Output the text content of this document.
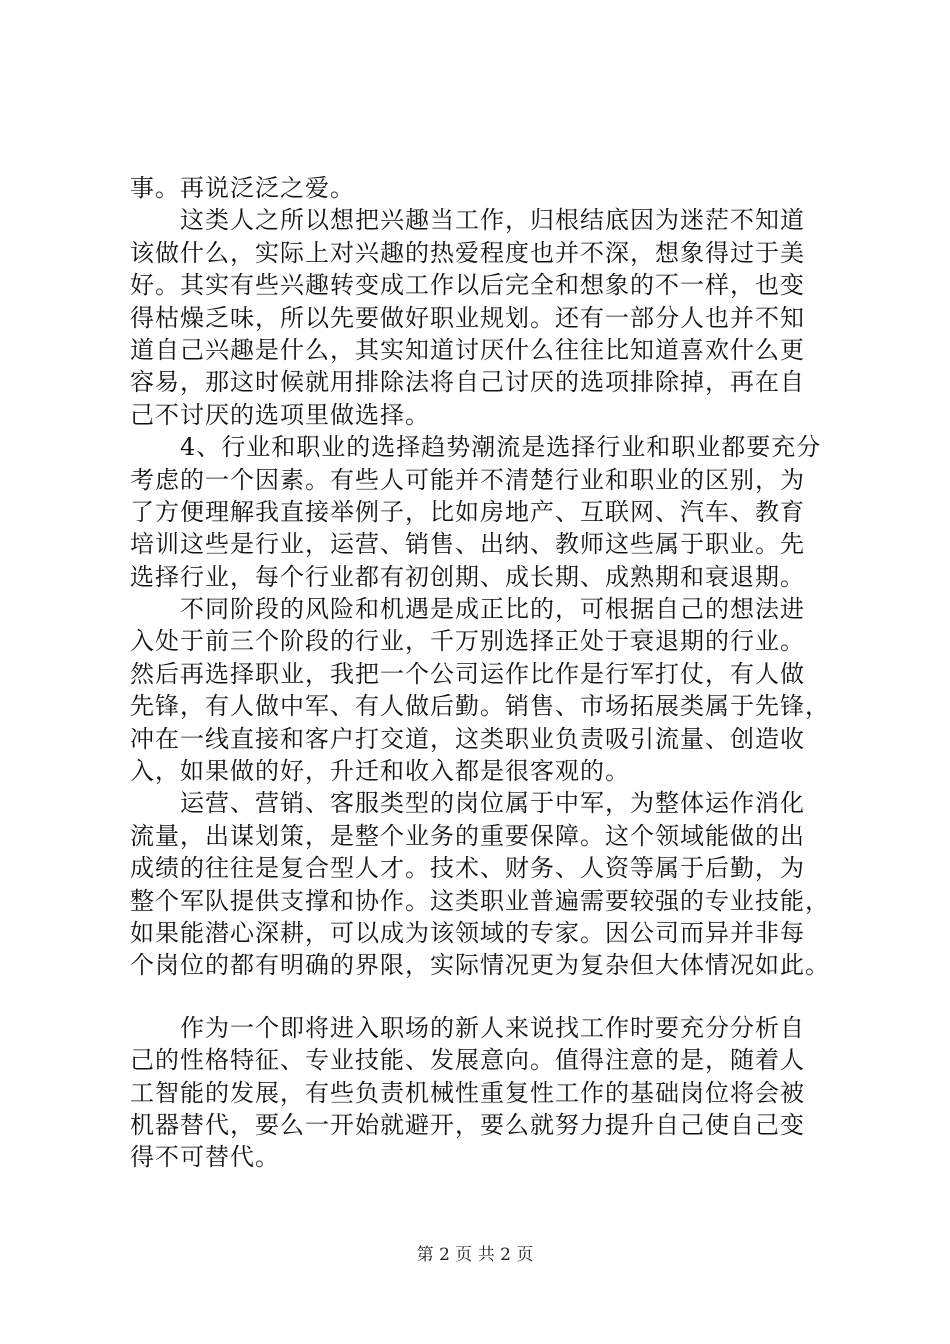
事。再说泛泛之爱。
这类人之所以想把兴趣当工作，归根结底因为迷茫不知道
该做什么，实际上对兴趣的热爱程度也并不深，想象得过于美
好。其实有些兴趣转变成工作以后完全和想象的不一样，也变
得枯燥乏味，所以先要做好职业规划。还有一部分人也并不知
道自己兴趣是什么，其实知道讨厌什么往往比知道喜欢什么更
容易，那这时候就用排除法将自己讨厌的选项排除掉，再在自
己不讨厌的选项里做选择。
4、行业和职业的选择趋势潮流是选择行业和职业都要充分
考虑的一个因素。有些人可能并不清楚行业和职业的区别，为
了方便理解我直接举例子，比如房地产、互联网、汽车、教育
培训这些是行业，运营、销售、出纳、教师这些属于职业。先
选择行业，每个行业都有初创期、成长期、成熟期和衰退期。
不同阶段的风险和机遇是成正比的，可根据自己的想法进
入处于前三个阶段的行业，千万别选择正处于衰退期的行业。
然后再选择职业，我把一个公司运作比作是行军打仗，有人做
先锋，有人做中军、有人做后勤。销售、市场拓展类属于先锋，
冲在一线直接和客户打交道，这类职业负责吸引流量、创造收
入，如果做的好，升迁和收入都是很客观的。
运营、营销、客服类型的岗位属于中军，为整体运作消化
流量，出谋划策，是整个业务的重要保障。这个领域能做的出
成绩的往往是复合型人才。技术、财务、人资等属于后勤，为
整个军队提供支撑和协作。这类职业普遍需要较强的专业技能，
如果能潜心深耕，可以成为该领域的专家。因公司而异并非每
个岗位的都有明确的界限，实际情况更为复杂但大体情况如此。
作为一个即将进入职场的新人来说找工作时要充分分析自
己的性格特征、专业技能、发展意向。值得注意的是，随着人
工智能的发展，有些负责机械性重复性工作的基础岗位将会被
机器替代，要么一开始就避开，要么就努力提升自己使自己变
得不可替代。
第 2 页 共 2 页
